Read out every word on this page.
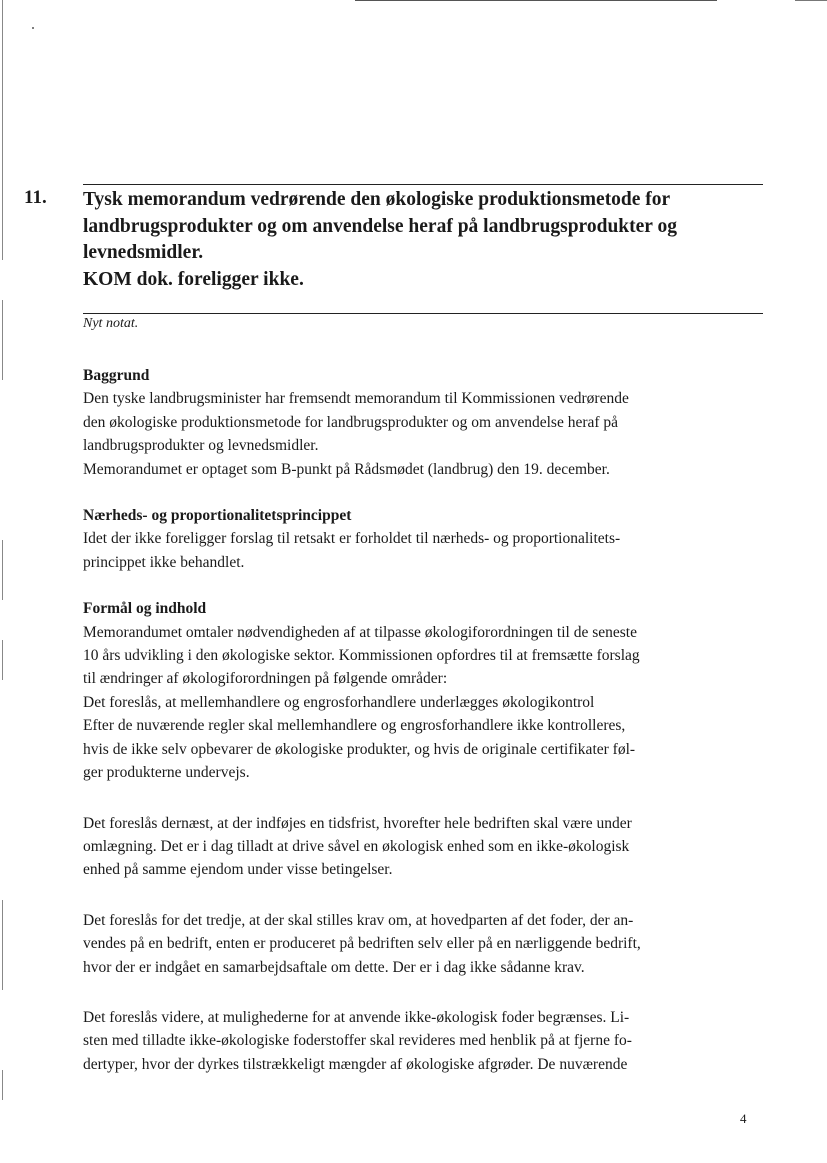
11. Tysk memorandum vedrørende den økologiske produktionsmetode for
landbrugsprodukter og om anvendelse heraf på landbrugsprodukter og
levnedsmidler.
KOM dok. foreligger ikke.

Nyt notat.

Baggrund

Den tyske landbrugsminister har fremsendt memorandum til Kommissionen vedrørende
den økologiske produktionsmetode for landbrugsprodukter og om anvendelse heraf på
landbrugsprodukter og levnedsmidler.
Memorandumet er optaget som B-punkt på Rådsmødet (landbrug) den 19. december.

Nærheds- og proportionalitetsprincippet

Idet der ikke foreligger forslag til retsakt er forholdet til nærheds- og proportionalitets-
princippet ikke behandlet.

Formål og indhold

Memorandumet omtaler nødvendigheden af at tilpasse økologiforordningen til de seneste
10 års udvikling i den økologiske sektor. Kommissionen opfordres til at fremsætte forslag
til ændringer af økologiforordningen på følgende områder:
Det foreslås, at mellemhandlere og engrosforhandlere underlægges økologikontrol
Efter de nuværende regler skal mellemhandlere og engrosforhandlere ikke kontrolleres,
hvis de ikke selv opbevarer de økologiske produkter, og hvis de originale certifikater føl-
ger produkterne undervejs.
Det foreslås dernæst, at der indføjes en tidsfrist, hvorefter hele bedriften skal være under
omlægning. Det er i dag tilladt at drive såvel en økologisk enhed som en ikke-økologisk
enhed på samme ejendom under visse betingelser.
Det foreslås for det tredje, at der skal stilles krav om, at hovedparten af det foder, der an-
vendes på en bedrift, enten er produceret på bedriften selv eller på en nærliggende bedrift,
hvor der er indgået en samarbejdsaftale om dette. Der er i dag ikke sådanne krav.
Det foreslås videre, at mulighederne for at anvende ikke-økologisk foder begrænses. Li-
sten med tilladte ikke-økologiske foderstoffer skal revideres med henblik på at fjerne fo-
dertyper, hvor der dyrkes tilstrækkeligt mængder af økologiske afgrøder. De nuværende

4
